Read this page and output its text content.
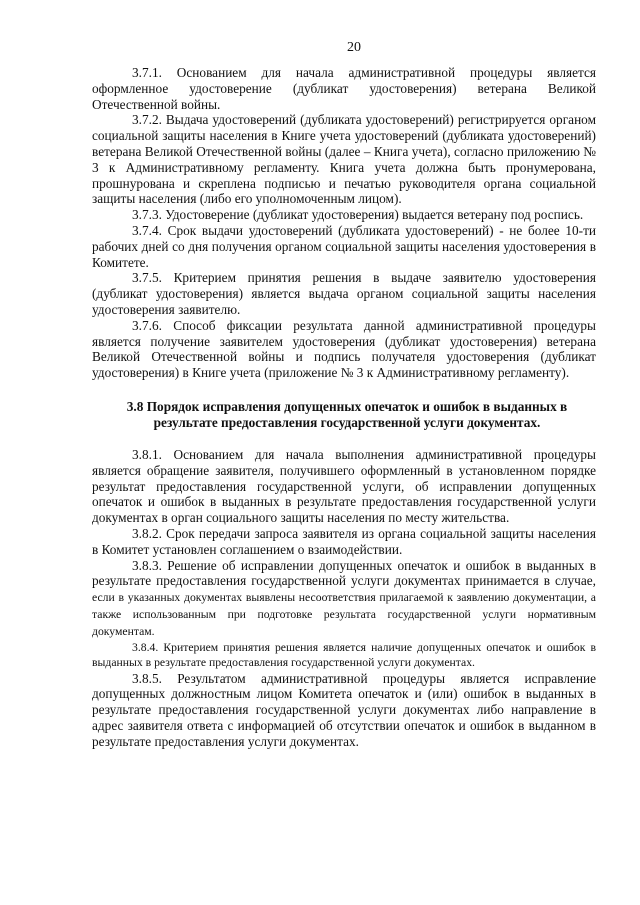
20

3.7.1. Основанием для начала административной процедуры является оформленное удостоверение (дубликат удостоверения) ветерана Великой Отечественной войны.

3.7.2. Выдача удостоверений (дубликата удостоверений) регистрируется органом социальной защиты населения в Книге учета удостоверений (дубликата удостоверений) ветерана Великой Отечественной войны (далее – Книга учета), согласно приложению № 3 к Административному регламенту. Книга учета должна быть пронумерована, прошнурована и скреплена подписью и печатью руководителя органа социальной защиты населения (либо его уполномоченным лицом).

3.7.3. Удостоверение (дубликат удостоверения) выдается ветерану под роспись.

3.7.4. Срок выдачи удостоверений (дубликата удостоверений) - не более 10-ти рабочих дней со дня получения органом социальной защиты населения удостоверения в Комитете.

3.7.5. Критерием принятия решения в выдаче заявителю удостоверения (дубликат удостоверения) является выдача органом социальной защиты населения удостоверения заявителю.

3.7.6. Способ фиксации результата данной административной процедуры является получение заявителем удостоверения (дубликат удостоверения) ветерана Великой Отечественной войны и подпись получателя удостоверения (дубликат удостоверения) в Книге учета (приложение № 3 к Административному регламенту).

3.8 Порядок исправления допущенных опечаток и ошибок в выданных в результате предоставления государственной услуги документах.

3.8.1. Основанием для начала выполнения административной процедуры является обращение заявителя, получившего оформленный в установленном порядке результат предоставления государственной услуги, об исправлении допущенных опечаток и ошибок в выданных в результате предоставления государственной услуги документах в орган социального защиты населения по месту жительства.

3.8.2. Срок передачи запроса заявителя из органа социальной защиты населения в Комитет установлен соглашением о взаимодействии.

3.8.3. Решение об исправлении допущенных опечаток и ошибок в выданных в результате предоставления государственной услуги документах принимается в случае, если в указанных документах выявлены несоответствия прилагаемой к заявлению документации, а также использованным при подготовке результата государственной услуги нормативным документам.

3.8.4. Критерием принятия решения является наличие допущенных опечаток и ошибок в выданных в результате предоставления государственной услуги документах.

3.8.5. Результатом административной процедуры является исправление допущенных должностным лицом Комитета опечаток и (или) ошибок в выданных в результате предоставления государственной услуги документах либо направление в адрес заявителя ответа с информацией об отсутствии опечаток и ошибок в выданном в результате предоставления услуги документах.
